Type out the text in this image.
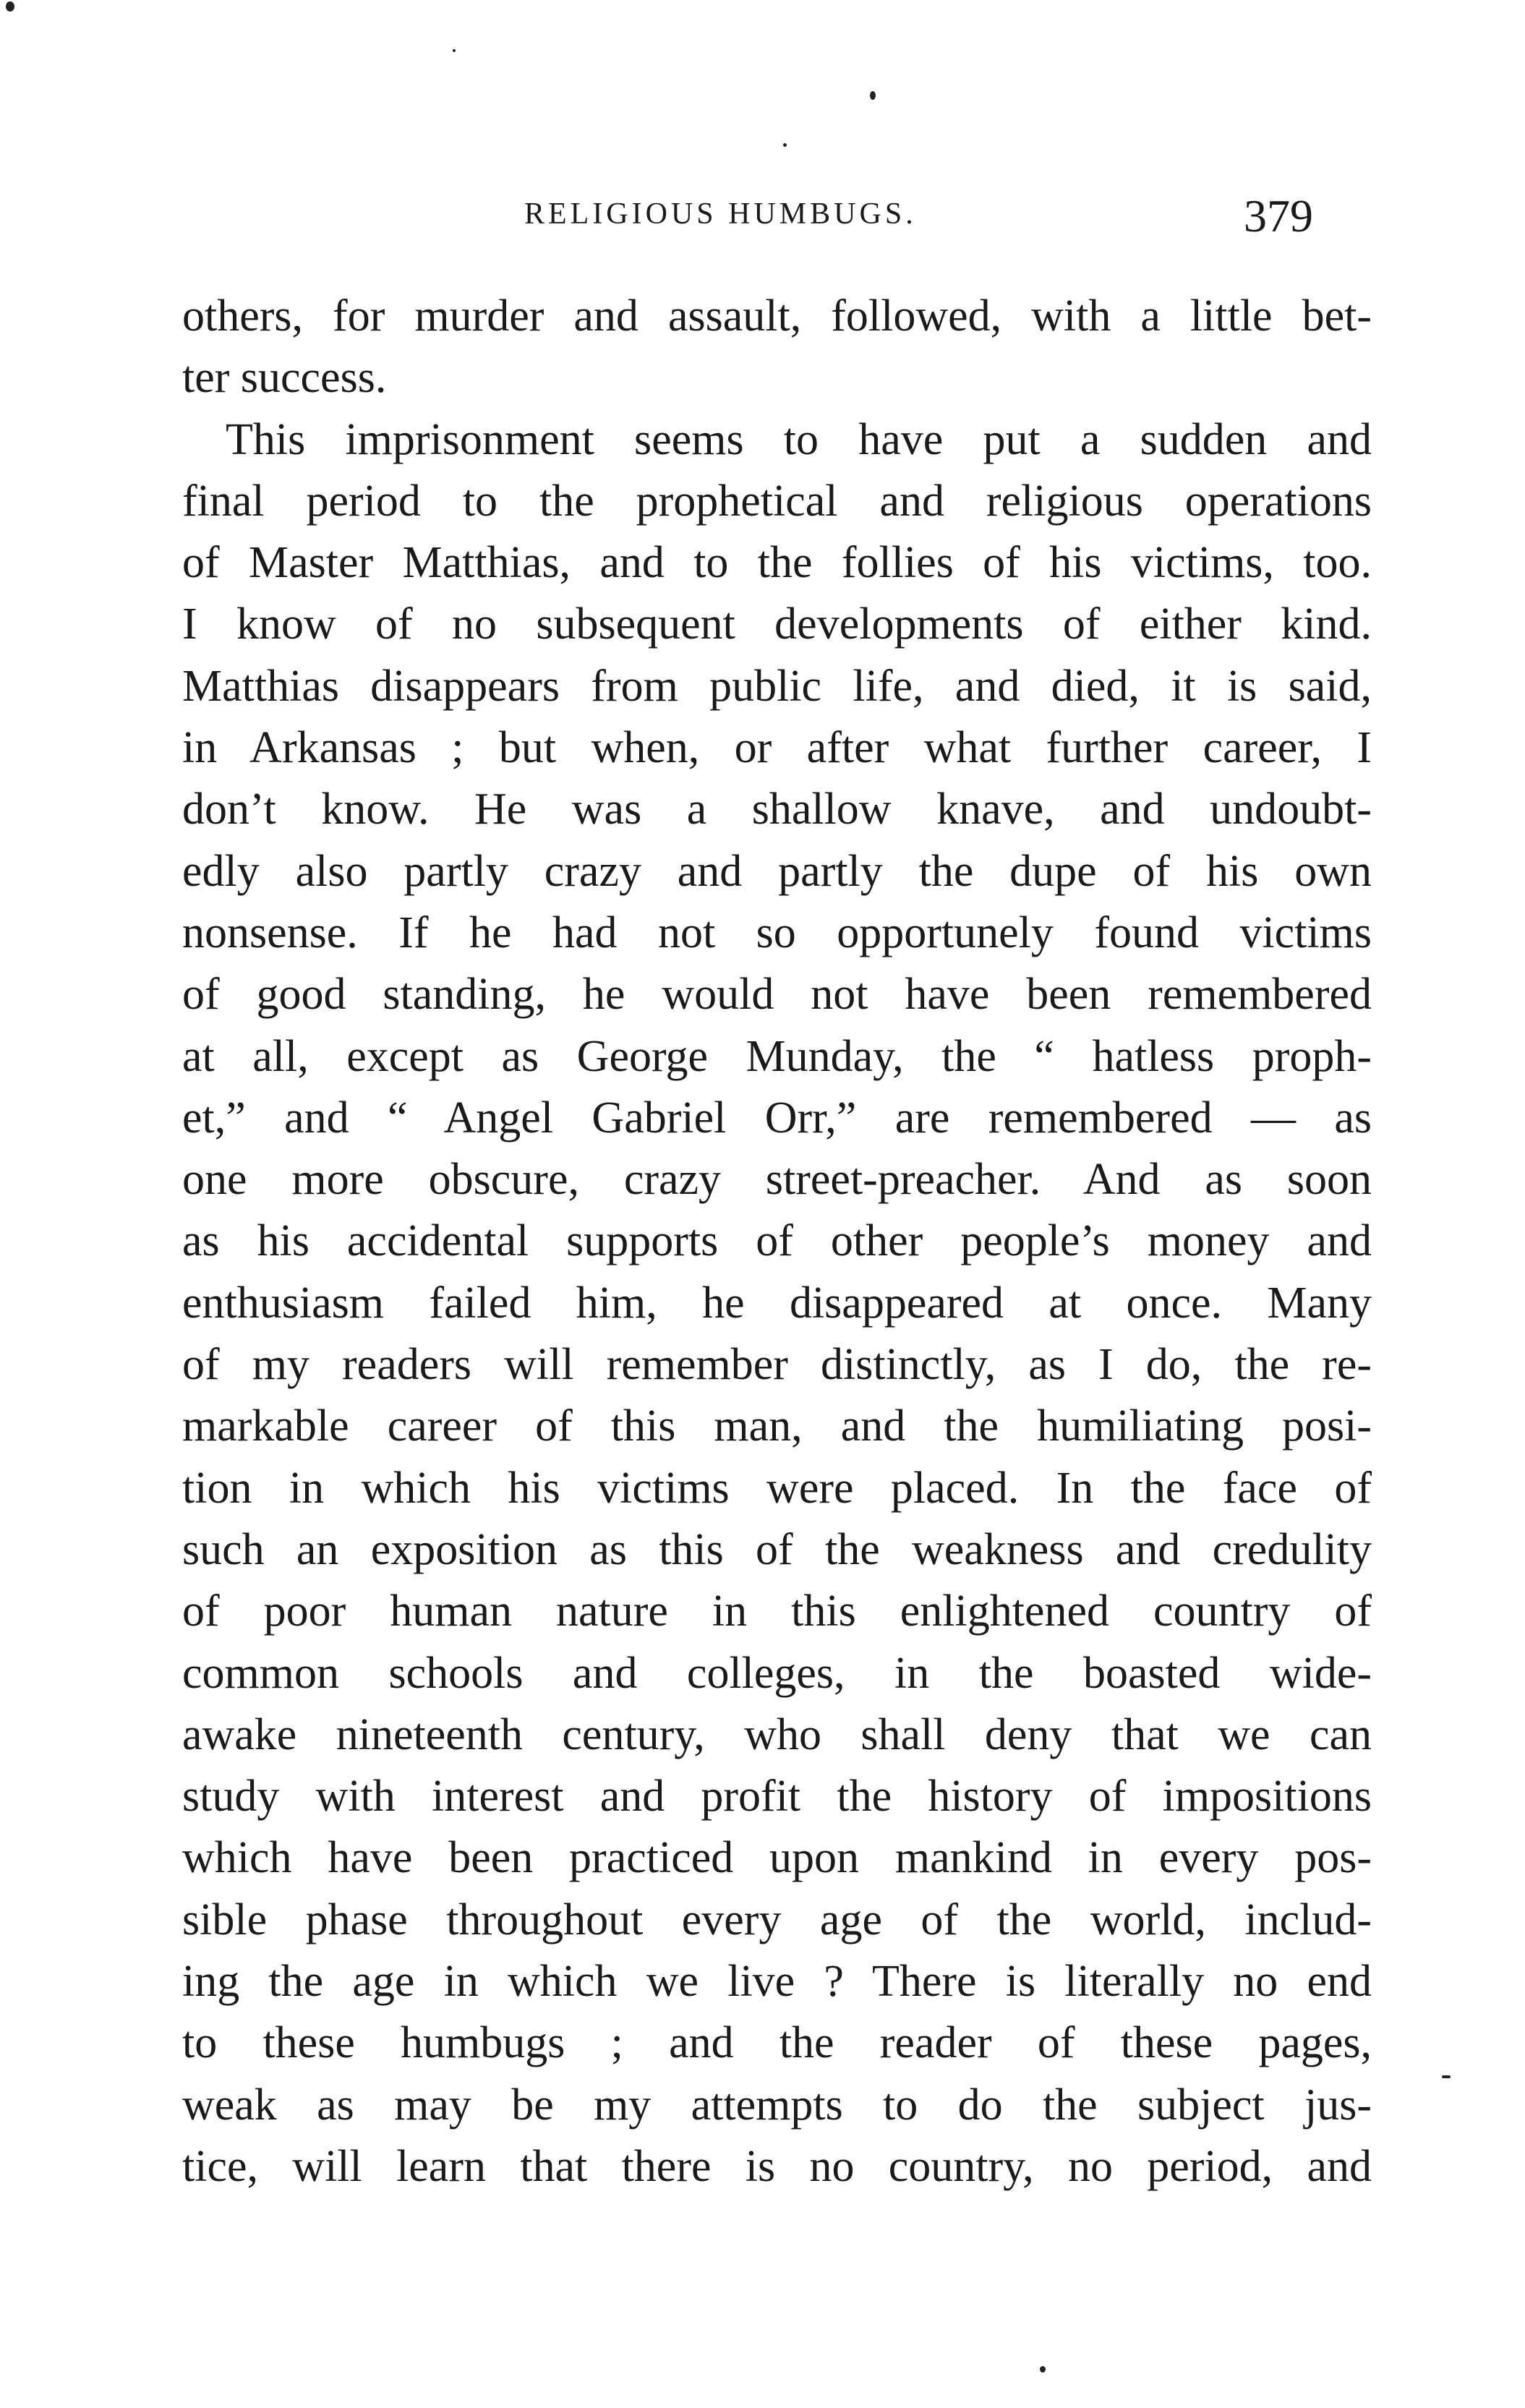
RELIGIOUS HUMBUGS.	379
others, for murder and assault, followed, with a little bet-
ter success.
This imprisonment seems to have put a sudden and
final period to the prophetical and religious operations
of Master Matthias, and to the follies of his victims, too.
I know of no subsequent developments of either kind.
Matthias disappears from public life, and died, it is said,
in Arkansas ; but when, or after what further career, I
don’t know. He was a shallow knave, and undoubt-
edly also partly crazy and partly the dupe of his own
nonsense. If he had not so opportunely found victims
of good standing, he would not have been remembered
at all, except as George Munday, the “ hatless proph-
et,” and “ Angel Gabriel Orr,” are remembered — as
one more obscure, crazy street-preacher. And as soon
as his accidental supports of other people’s money and
enthusiasm failed him, he disappeared at once. Many
of my readers will remember distinctly, as I do, the re-
markable career of this man, and the humiliating posi-
tion in which his victims were placed. In the face of
such an exposition as this of the weakness and credulity
of poor human nature in this enlightened country of
common schools and colleges, in the boasted wide-
awake nineteenth century, who shall deny that we can
study with interest and profit the history of impositions
which have been practiced upon mankind in every pos-
sible phase throughout every age of the world, includ-
ing the age in which we live ? There is literally no end
to these humbugs ; and the reader of these pages,
weak as may be my attempts to do the subject jus-
tice, will learn that there is no country, no period, and
